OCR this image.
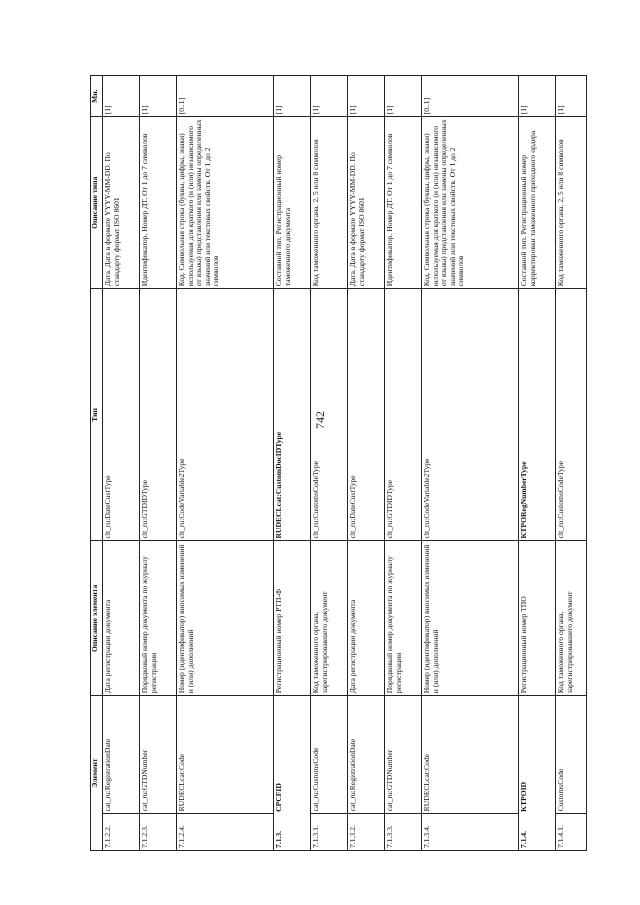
742
Элемент		Описание элемента	Тип	Описание типа	Мн.
7.1.2.2.	cat_ru:RegistrationDate	Дата регистрации документа	clt_ru:DateCustType	Дата. Дата в формате YYYY-MM-DD. По стандарту формат ISO 8601	[1]
7.1.2.3.	cat_ru:GTDNumber	Порядковый номер документа по журналу регистрации	clt_ru:GTDIDType	Идентификатор. Номер ДТ. От 1 до 7 символов	[1]
7.1.2.4.	RUDECLcat:Code	Номер (идентификатор) вносимых изменений и (или) дополнений	clt_ru:CodeVariable2Type	Код. Символьная строка (буквы, цифры, знаки) используемая для краткого (и (или) независимого от языка) представления или замены определенных значений или текстовых свойств. От 1 до 2 символов	[0..1]
7.1.3.	CPCFID	Регистрационный номер РТП-Ф	RUDECLcat:CustomDocIDType	Составной тип. Регистрационный номер таможенного документа	[1]
7.1.3.1.	cat_ru:CustomsCode	Код таможенного органа, зарегистрировавшего документ	clt_ru:CustomsCodeType	Код таможенного органа. 2, 5 или 8 символов	[1]
7.1.3.2.	cat_ru:RegistrationDate	Дата регистрации документа	clt_ru:DateCustType	Дата. Дата в формате YYYY-MM-DD. По стандарту формат ISO 8601	[1]
7.1.3.3.	cat_ru:GTDNumber	Порядковый номер документа по журналу регистрации	clt_ru:GTDIDType	Идентификатор. Номер ДТ. От 1 до 7 символов	[1]
7.1.3.4.	RUDECLcat:Code	Номер (идентификатор) вносимых изменений и (или) дополнений	clt_ru:CodeVariable2Type	Код. Символьная строка (буквы, цифры, знаки) используемая для краткого (и (или) независимого от языка) представления или замены определенных значений или текстовых свойств. От 1 до 2 символов	[0..1]
7.1.4.	KTPOID	Регистрационный номер ТПО	KTPORegNumberType	Составной тип. Регистрационный номер корректировки таможенного приходного ордера	[1]
7.1.4.1.	CustomsCode	Код таможенного органа, зарегистрировавшего документ	clt_ru:CustomsCodeType	Код таможенного органа. 2, 5 или 8 символов	[1]
